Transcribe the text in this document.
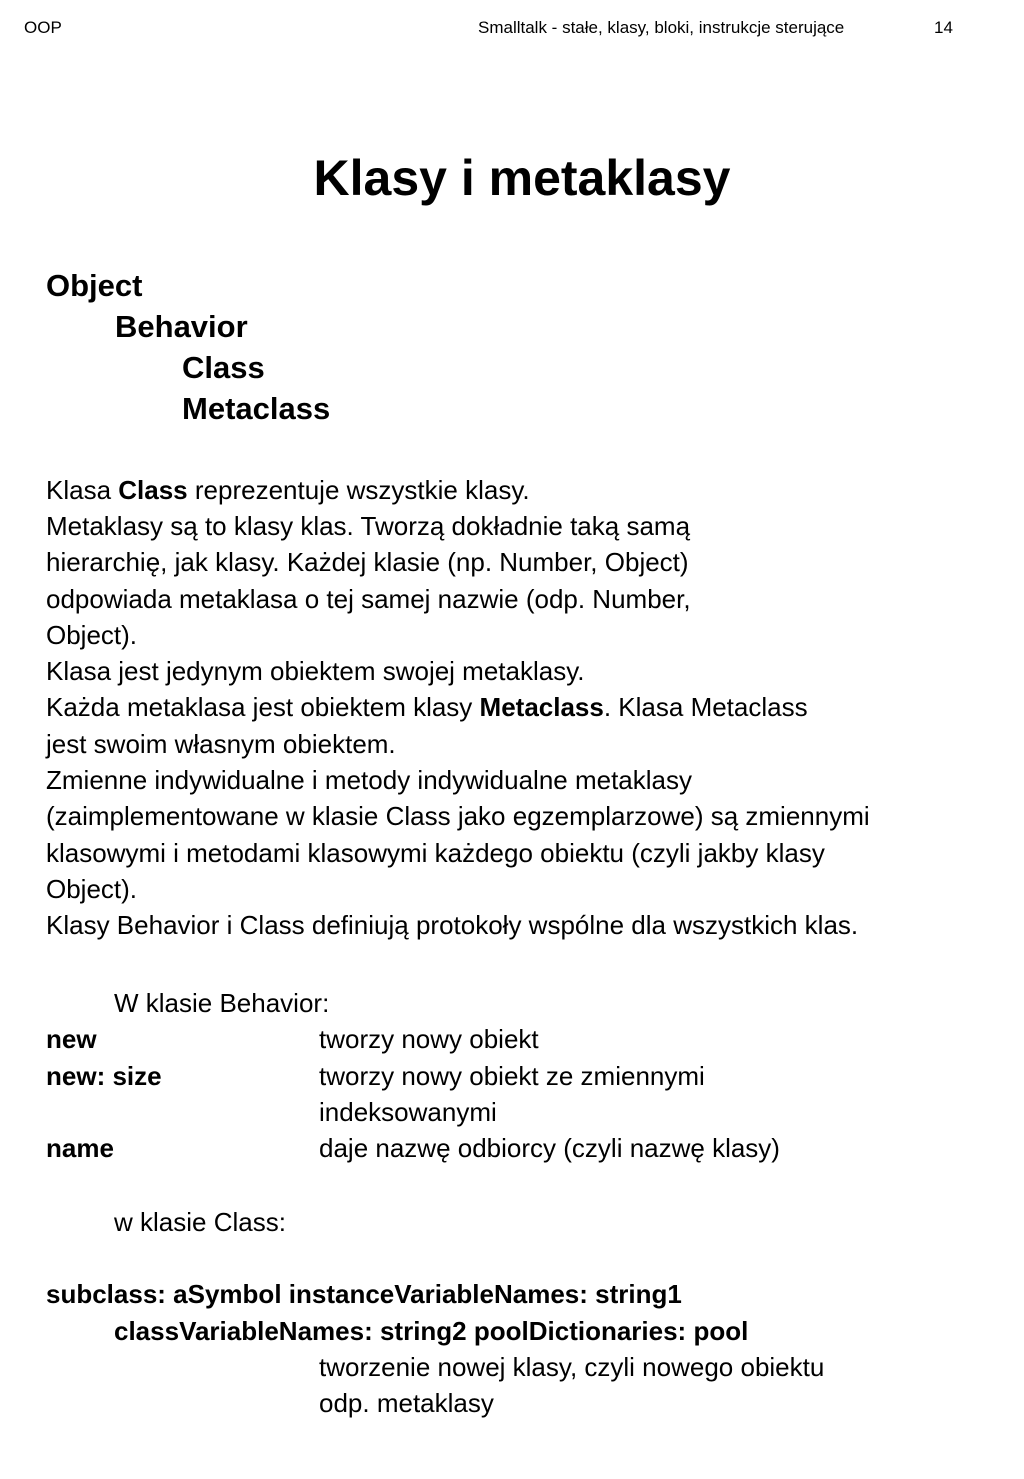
OOP	Smalltalk - stałe, klasy, bloki, instrukcje sterujące	14
Klasy i metaklasy
Object
Behavior
Class
Metaclass
Klasa Class reprezentuje wszystkie klasy.
Metaklasy są to klasy klas. Tworzą dokładnie taką samą
hierarchię, jak klasy. Każdej klasie (np. Number, Object)
odpowiada metaklasa o tej samej nazwie (odp. Number,
Object).
Klasa jest jedynym obiektem swojej metaklasy.
Każda metaklasa jest obiektem klasy Metaclass. Klasa Metaclass
jest swoim własnym obiektem.
Zmienne indywidualne i metody indywidualne metaklasy
(zaimplementowane w klasie Class jako egzemplarzowe) są zmiennymi
klasowymi i metodami klasowymi każdego obiektu (czyli jakby klasy
Object).
Klasy Behavior i Class definiują protokoły wspólne dla wszystkich klas.
W klasie Behavior:
new	tworzy nowy obiekt
new: size	tworzy nowy obiekt ze zmiennymi
indeksowanymi
name	daje nazwę odbiorcy (czyli nazwę klasy)
w klasie Class:
subclass: aSymbol instanceVariableNames: string1
classVariableNames: string2 poolDictionaries: pool
tworzenie nowej klasy, czyli nowego obiektu
odp. metaklasy
